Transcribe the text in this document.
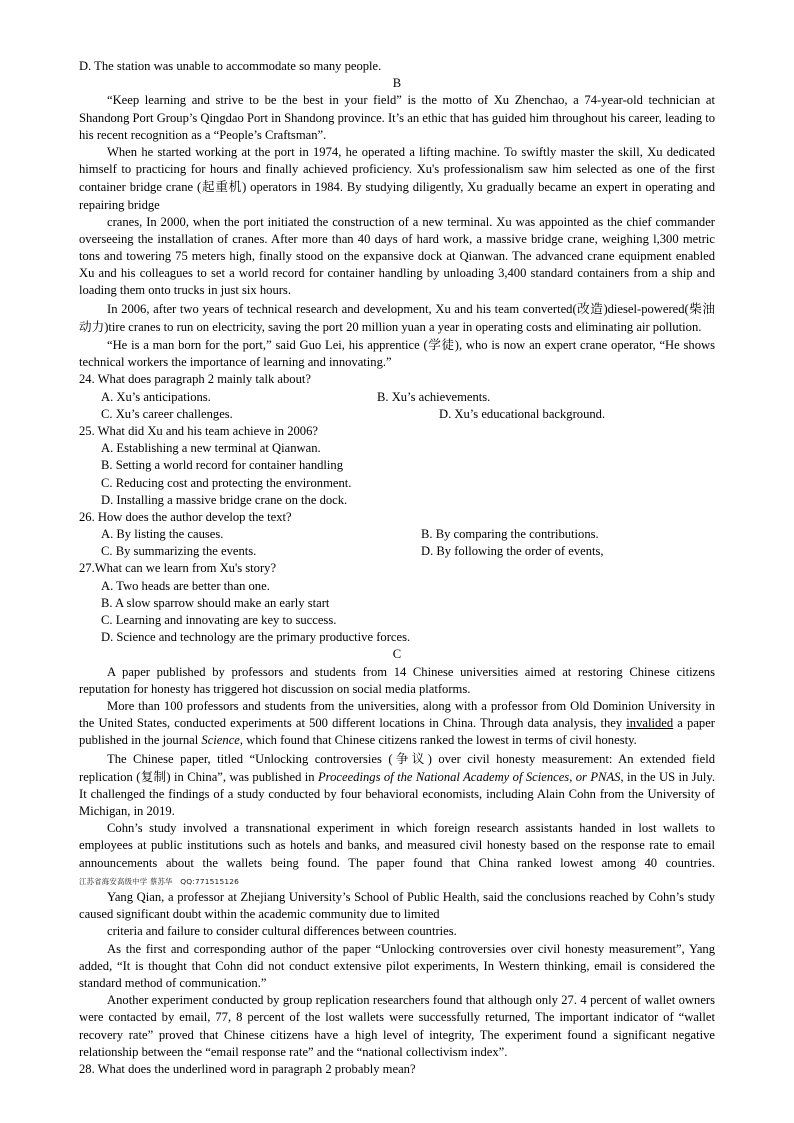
D. The station was unable to accommodate so many people.

B

“Keep learning and strive to be the best in your field” is the motto of Xu Zhenchao, a 74-year-old technician at Shandong Port Group’s Qingdao Port in Shandong province. It’s an ethic that has guided him throughout his career, leading to his recent recognition as a “People’s Craftsman”.

When he started working at the port in 1974, he operated a lifting machine. To swiftly master the skill, Xu dedicated himself to practicing for hours and finally achieved proficiency. Xu's professionalism saw him selected as one of the first container bridge crane (起重机) operators in 1984. By studying diligently, Xu gradually became an expert in operating and repairing bridge

cranes, In 2000, when the port initiated the construction of a new terminal. Xu was appointed as the chief commander overseeing the installation of cranes. After more than 40 days of hard work, a massive bridge crane, weighing l,300 metric tons and towering 75 meters high, finally stood on the expansive dock at Qianwan. The advanced crane equipment enabled Xu and his colleagues to set a world record for container handling by unloading 3,400 standard containers from a ship and loading them onto trucks in just six hours.

In 2006, after two years of technical research and development, Xu and his team converted(改造)diesel-powered(柴油动力)tire cranes to run on electricity, saving the port 20 million yuan a year in operating costs and eliminating air pollution.

“He is a man born for the port,” said Guo Lei, his apprentice (学徒), who is now an expert crane operator, “He shows technical workers the importance of learning and innovating.”

24. What does paragraph 2 mainly talk about?

A. Xu’s anticipations.	B. Xu’s achievements.
C. Xu’s career challenges.	D. Xu’s educational background.

25. What did Xu and his team achieve in 2006?

A. Establishing a new terminal at Qianwan.

B. Setting a world record for container handling

C. Reducing cost and protecting the environment.

D. Installing a massive bridge crane on the dock.

26. How does the author develop the text?

A. By listing the causes.	B. By comparing the contributions.
C. By summarizing the events.	D. By following the order of events,

27.What can we learn from Xu's story?

A. Two heads are better than one.

B. A slow sparrow should make an early start

C. Learning and innovating are key to success.

D. Science and technology are the primary productive forces.

C

A paper published by professors and students from 14 Chinese universities aimed at restoring Chinese citizens reputation for honesty has triggered hot discussion on social media platforms.

More than 100 professors and students from the universities, along with a professor from Old Dominion University in the United States, conducted experiments at 500 different locations in China. Through data analysis, they invalided a paper published in the journal Science, which found that Chinese citizens ranked the lowest in terms of civil honesty.

The Chinese paper, titled “Unlocking controversies (争议) over civil honesty measurement: An extended field replication (复制) in China”, was published in Proceedings of the National Academy of Sciences, or PNAS, in the US in July. It challenged the findings of a study conducted by four behavioral economists, including Alain Cohn from the University of Michigan, in 2019.

Cohn’s study involved a transnational experiment in which foreign research assistants handed in lost wallets to employees at public institutions such as hotels and banks, and measured civil honesty based on the response rate to email announcements about the wallets being found. The paper found that China ranked lowest among 40 countries.江苏省海安高级中学 蔡苏华　QQ:771515126

Yang Qian, a professor at Zhejiang University’s School of Public Health, said the conclusions reached by Cohn’s study caused significant doubt within the academic community due to limited

criteria and failure to consider cultural differences between countries.

As the first and corresponding author of the paper “Unlocking controversies over civil honesty measurement”, Yang added, “It is thought that Cohn did not conduct extensive pilot experiments, In Western thinking, email is considered the standard method of communication.”

Another experiment conducted by group replication researchers found that although only 27. 4 percent of wallet owners were contacted by email, 77, 8 percent of the lost wallets were successfully returned, The important indicator of “wallet recovery rate” proved that Chinese citizens have a high level of integrity, The experiment found a significant negative relationship between the “email response rate” and the “national collectivism index”.

28. What does the underlined word in paragraph 2 probably mean?
